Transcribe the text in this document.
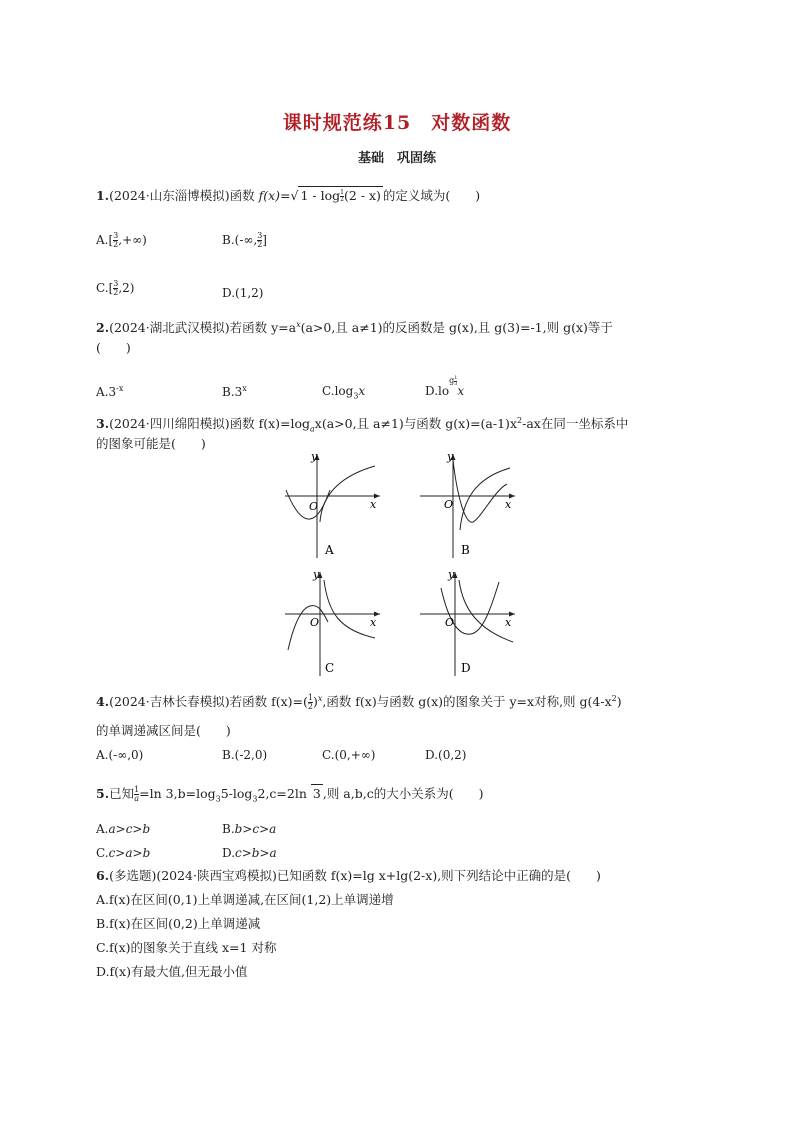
课时规范练15　对数函数
基础　巩固练
1.(2024·山东淄博模拟)函数 f(x)=√ $1 - \log \frac{1}{2} (2 - x)$ 的定义域为(　　)
$A.[ \frac{3}{2}$ ,+∞)	B.(-∞, $\frac{3}{2}$ ]
$C.[ \frac{3}{2} ,2)$	D.(1,2)
2.(2024·湖北武汉模拟)若函数 $y=a^x(a>0$,且 a≠1)的反函数是 g(x),且 g(3)=-1,则 g(x)等于
(　　)
$A.3^{-x}$	B.3$^x$	$C.\log_3x$	$D.lo^{g \frac{1}{3}}$
x
3.(2024·四川绵阳模拟)函数 $f(x)=\log_ax(a>0$,且 a≠1)与函数 $g(x)=(a-1)x^2-ax$在同一坐标系中
的图象可能是(　　)
y
x
O
A
y
x
O
B
y
x
O
C
y
x
O
D
4.(2024·吉林长春模拟)若函数 $f(x)=( \frac{1}{2} )^x$,函数 f(x)与函数 g(x)的图象关于 y=x对称,则 $g(4-x^2)$
的单调递减区间是(　　)
A.(-∞,0)	B.(-2,0)	C.(0,+∞)	D.(0,2)
5.已知 $\frac{1}{a} =\ln$ $3,b=\log_35-\log_32,c=2\ln$ 3 ,则 a,b,c的大小关系为(　　)
A.a>c>b	B.b>c>a
C.c>a>b	D.c>b>a
6.(多选题)(2024·陕西宝鸡模拟)已知函数 f(x)=lg x+lg(2-x),则下列结论中正确的是(　　)
A.f(x)在区间(0,1)上单调递减,在区间(1,2)上单调递增
B.f(x)在区间(0,2)上单调递减
C.f(x)的图象关于直线 x=1 对称
D.f(x)有最大值,但无最小值
